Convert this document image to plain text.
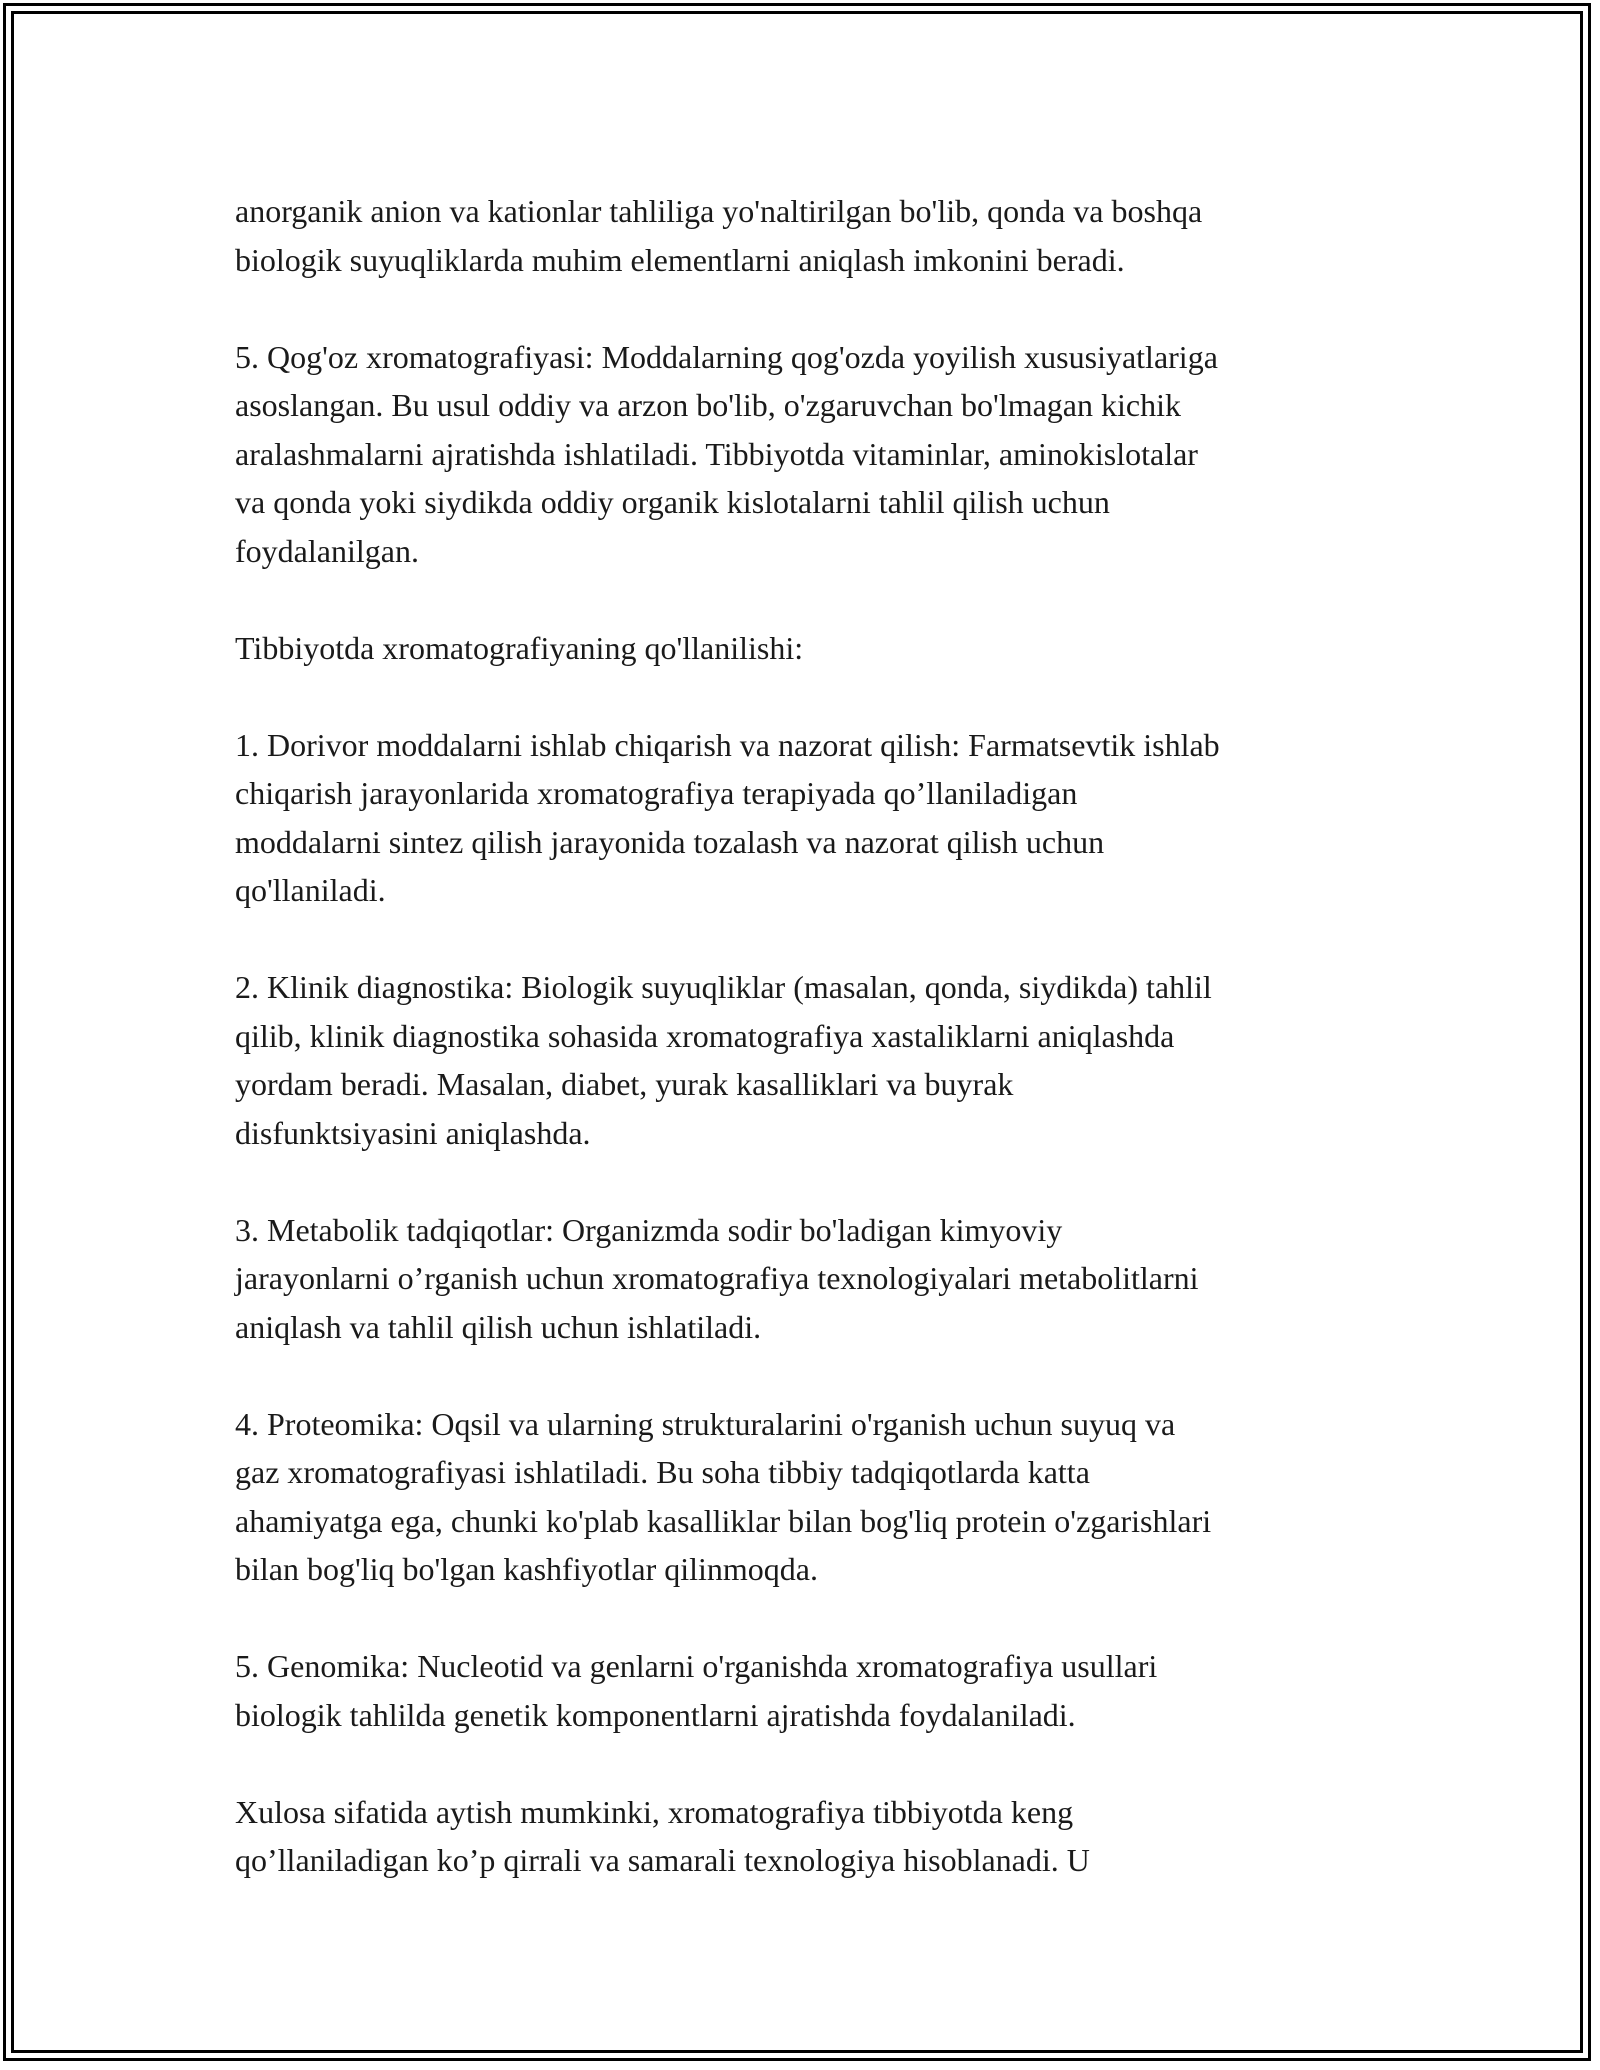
anorganik anion va kationlar tahliliga yo'naltirilgan bo'lib, qonda va boshqa
biologik suyuqliklarda muhim elementlarni aniqlash imkonini beradi.
5. Qog'oz xromatografiyasi: Moddalarning qog'ozda yoyilish xususiyatlariga
asoslangan. Bu usul oddiy va arzon bo'lib, o'zgaruvchan bo'lmagan kichik
aralashmalarni ajratishda ishlatiladi. Tibbiyotda vitaminlar, aminokislotalar
va qonda yoki siydikda oddiy organik kislotalarni tahlil qilish uchun
foydalanilgan.
Tibbiyotda xromatografiyaning qo'llanilishi:
1. Dorivor moddalarni ishlab chiqarish va nazorat qilish: Farmatsevtik ishlab
chiqarish jarayonlarida xromatografiya terapiyada qo’llaniladigan
moddalarni sintez qilish jarayonida tozalash va nazorat qilish uchun
qo'llaniladi.
2. Klinik diagnostika: Biologik suyuqliklar (masalan, qonda, siydikda) tahlil
qilib, klinik diagnostika sohasida xromatografiya xastaliklarni aniqlashda
yordam beradi. Masalan, diabet, yurak kasalliklari va buyrak
disfunktsiyasini aniqlashda.
3. Metabolik tadqiqotlar: Organizmda sodir bo'ladigan kimyoviy
jarayonlarni o’rganish uchun xromatografiya texnologiyalari metabolitlarni
aniqlash va tahlil qilish uchun ishlatiladi.
4. Proteomika: Oqsil va ularning strukturalarini o'rganish uchun suyuq va
gaz xromatografiyasi ishlatiladi. Bu soha tibbiy tadqiqotlarda katta
ahamiyatga ega, chunki ko'plab kasalliklar bilan bog'liq protein o'zgarishlari
bilan bog'liq bo'lgan kashfiyotlar qilinmoqda.
5. Genomika: Nucleotid va genlarni o'rganishda xromatografiya usullari
biologik tahlilda genetik komponentlarni ajratishda foydalaniladi.
Xulosa sifatida aytish mumkinki, xromatografiya tibbiyotda keng
qo’llaniladigan ko’p qirrali va samarali texnologiya hisoblanadi. U
